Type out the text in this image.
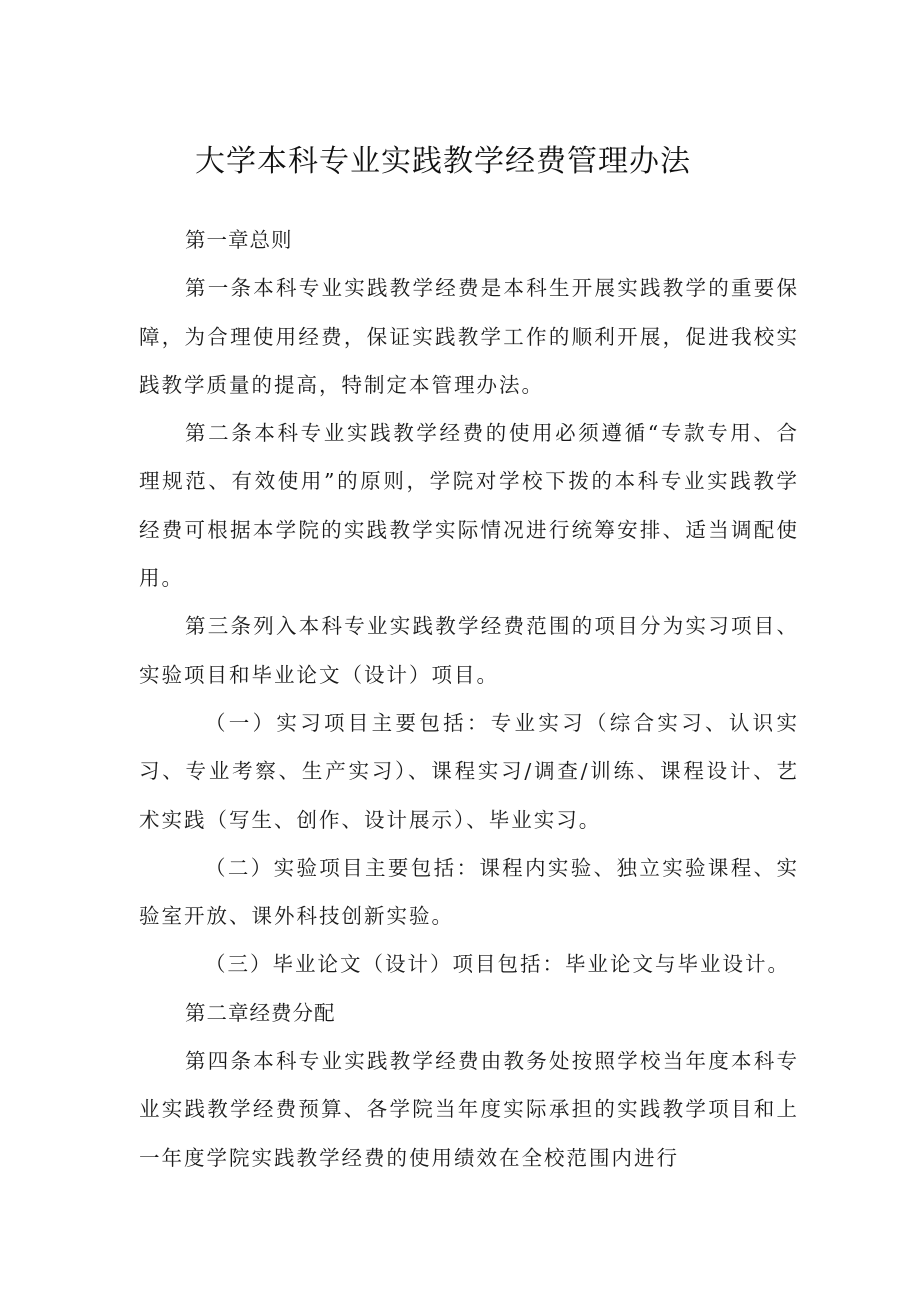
大学本科专业实践教学经费管理办法

第一章总则

第一条本科专业实践教学经费是本科生开展实践教学的重要保障，为合理使用经费，保证实践教学工作的顺利开展，促进我校实践教学质量的提高，特制定本管理办法。

第二条本科专业实践教学经费的使用必须遵循“专款专用、合理规范、有效使用”的原则，学院对学校下拨的本科专业实践教学经费可根据本学院的实践教学实际情况进行统筹安排、适当调配使用。

第三条列入本科专业实践教学经费范围的项目分为实习项目、实验项目和毕业论文（设计）项目。

（一）实习项目主要包括：专业实习（综合实习、认识实习、专业考察、生产实习）、课程实习/调查/训练、课程设计、艺术实践（写生、创作、设计展示）、毕业实习。

（二）实验项目主要包括：课程内实验、独立实验课程、实验室开放、课外科技创新实验。

（三）毕业论文（设计）项目包括：毕业论文与毕业设计。

第二章经费分配

第四条本科专业实践教学经费由教务处按照学校当年度本科专业实践教学经费预算、各学院当年度实际承担的实践教学项目和上一年度学院实践教学经费的使用绩效在全校范围内进行
